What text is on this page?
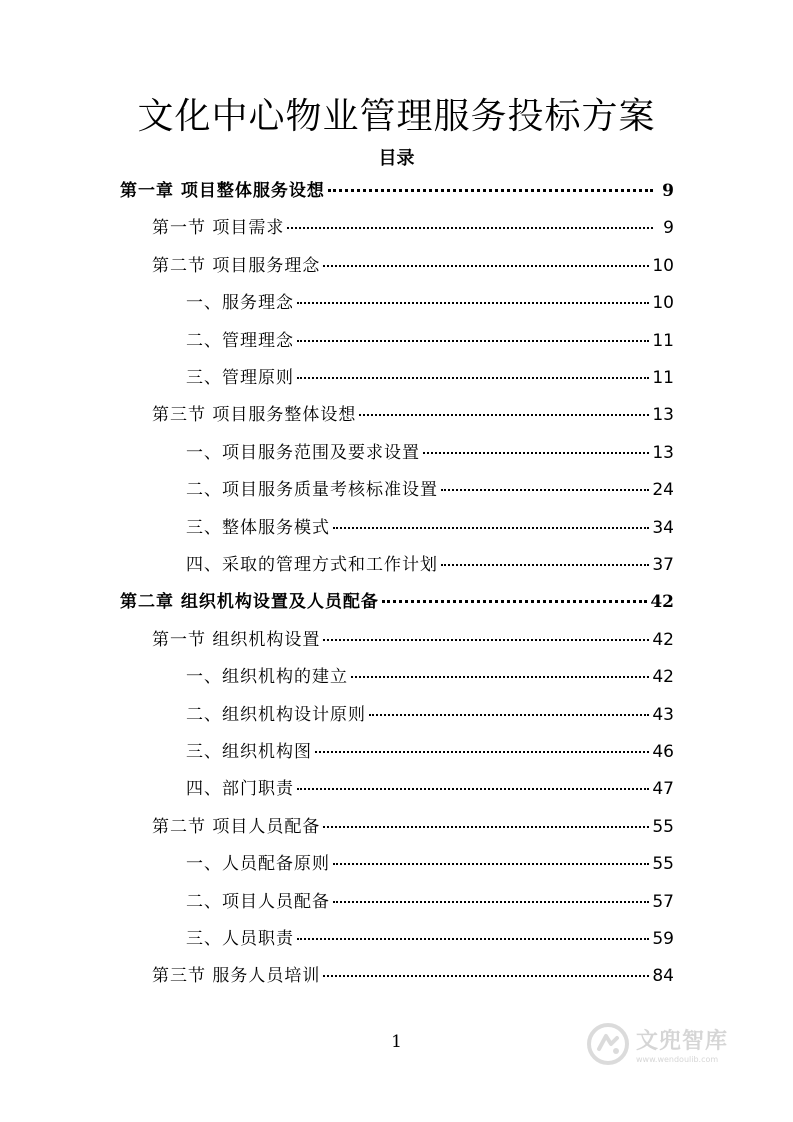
文化中心物业管理服务投标方案
目录
第一章 项目整体服务设想	9
第一节 项目需求	9
第二节 项目服务理念	10
一、服务理念	10
二、管理理念	11
三、管理原则	11
第三节 项目服务整体设想	13
一、项目服务范围及要求设置	13
二、项目服务质量考核标准设置	24
三、整体服务模式	34
四、采取的管理方式和工作计划	37
第二章 组织机构设置及人员配备	42
第一节 组织机构设置	42
一、组织机构的建立	42
二、组织机构设计原则	43
三、组织机构图	46
四、部门职责	47
第二节 项目人员配备	55
一、人员配备原则	55
二、项目人员配备	57
三、人员职责	59
第三节 服务人员培训	84
1	文兜智库
www.wendoulib.com
